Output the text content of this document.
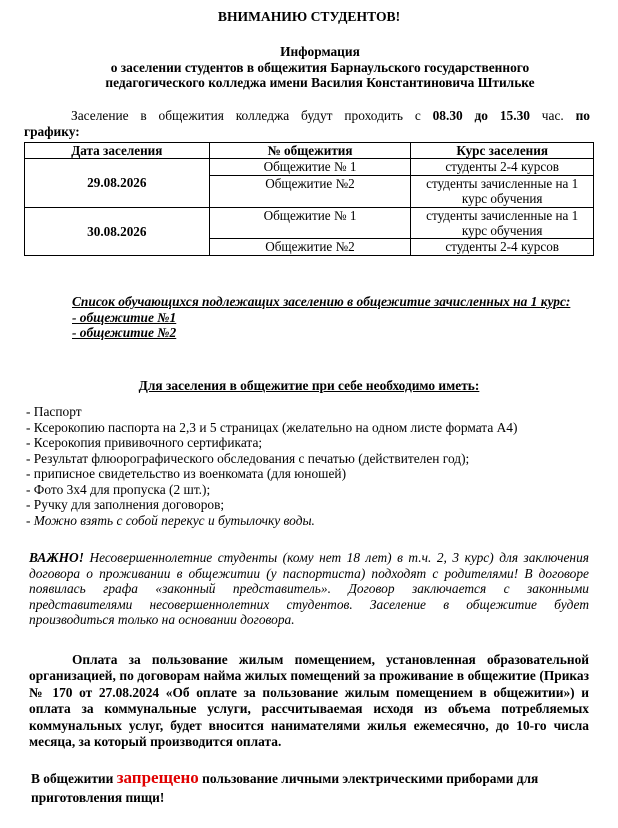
ВНИМАНИЮ СТУДЕНТОВ!
Информация
о заселении студентов в общежития Барнаульского государственного
педагогического колледжа имени Василия Константиновича Штильке

Заселение в общежития колледжа будут проходить с 08.30 до 15.30 час. по графику:

Дата заселения	№ общежития	Курс заселения
29.08.2026	Общежитие № 1	студенты 2-4 курсов
	Общежитие №2	студенты зачисленные на 1 курс обучения
30.08.2026	Общежитие № 1	студенты зачисленные на 1 курс обучения
	Общежитие №2	студенты 2-4 курсов

Список обучающихся подлежащих заселению в общежитие зачисленных на 1 курс:

- общежитие №1

- общежитие №2

Для заселения в общежитие при себе необходимо иметь:
- Паспорт
- Ксерокопию паспорта на 2,3 и 5 страницах (желательно на одном листе формата А4)
- Ксерокопия прививочного сертификата;
- Результат флюорографического обследования с печатью (действителен год);
- приписное свидетельство из военкомата (для юношей)
- Фото 3х4 для пропуска (2 шт.);
- Ручку для заполнения договоров;
- Можно взять с собой перекус и бутылочку воды.

ВАЖНО! Несовершеннолетние студенты (кому нет 18 лет) в т.ч. 2, 3 курс) для заключения договора о проживании в общежитии (у паспортиста) подходят с родителями! В договоре появилась графа «законный представитель». Договор заключается с законными представителями несовершеннолетних студентов. Заселение в общежитие будет производиться только на основании договора.

Оплата за пользование жилым помещением, установленная образовательной организацией, по договорам найма жилых помещений за проживание в общежитие (Приказ № 170 от 27.08.2024 «Об оплате за пользование жилым помещением в общежитии») и оплата за коммунальные услуги, рассчитываемая исходя из объема потребляемых коммунальных услуг, будет вносится нанимателями жилья ежемесячно, до 10-го числа месяца, за который производится оплата.

В общежитии запрещено пользование личными электрическими приборами для приготовления пищи!
